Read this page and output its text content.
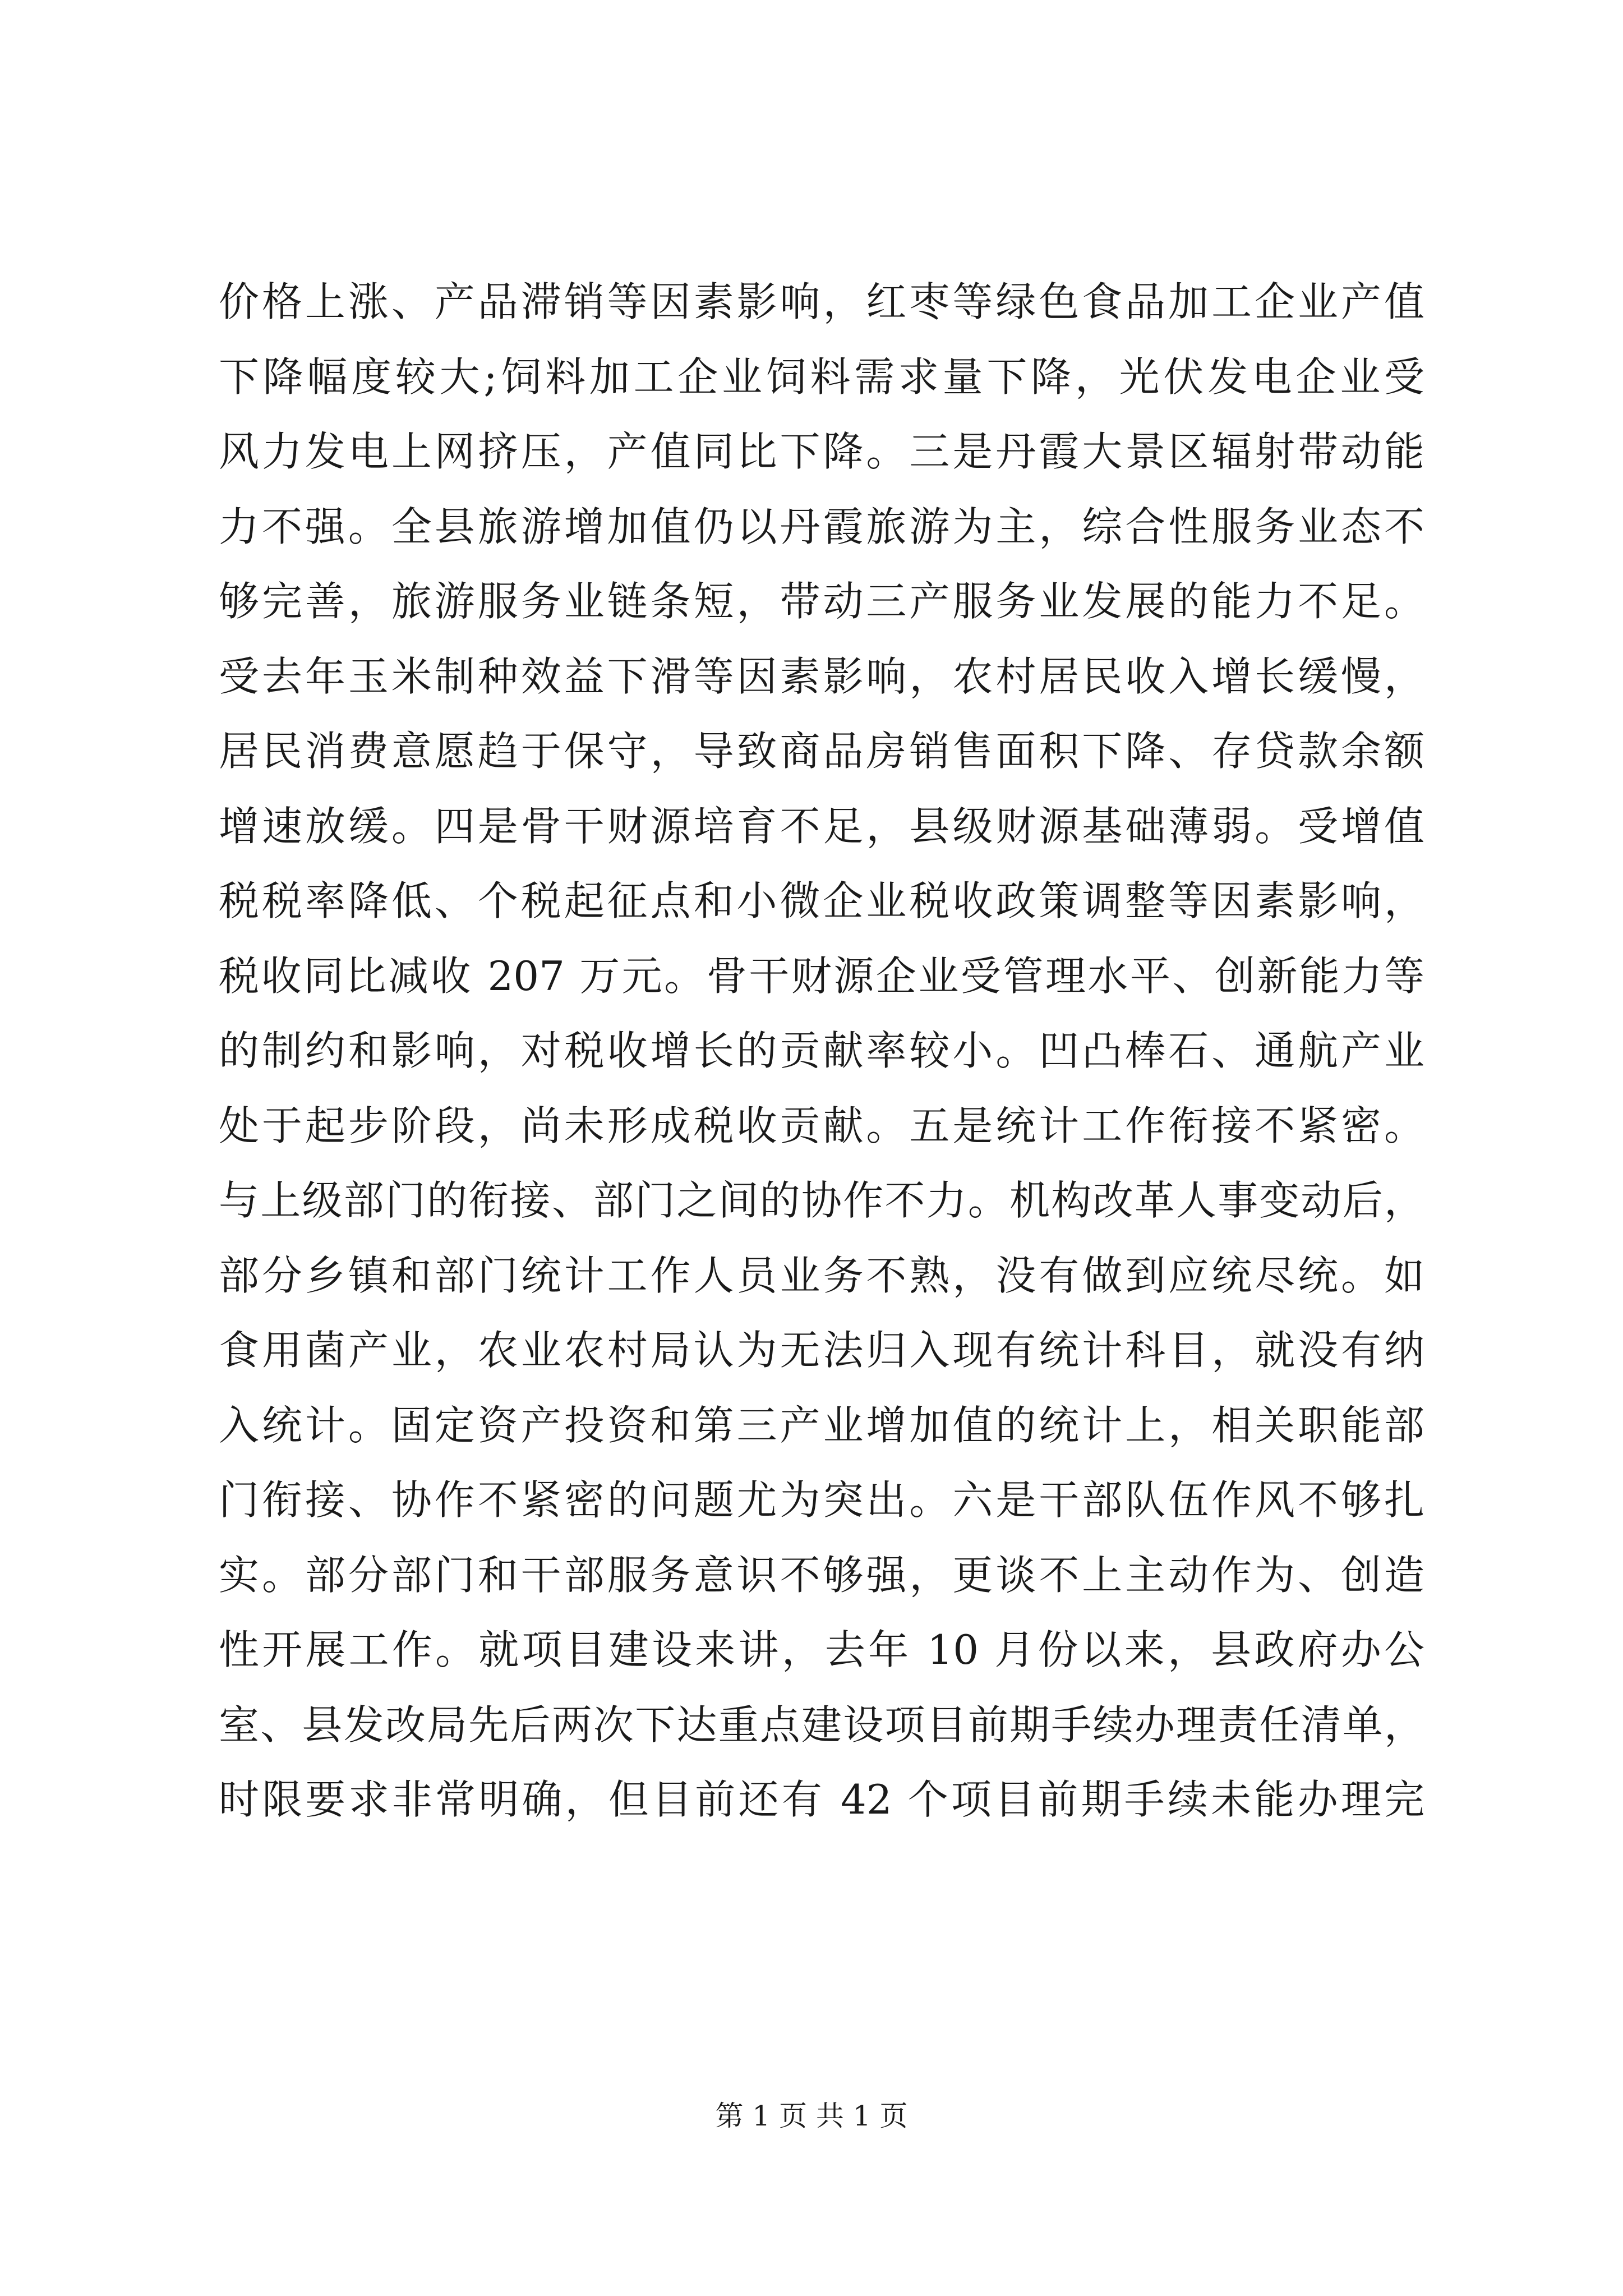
价格上涨、产品滞销等因素影响，红枣等绿色食品加工企业产值
下降幅度较大;饲料加工企业饲料需求量下降，光伏发电企业受
风力发电上网挤压，产值同比下降。三是丹霞大景区辐射带动能
力不强。全县旅游增加值仍以丹霞旅游为主，综合性服务业态不
够完善，旅游服务业链条短，带动三产服务业发展的能力不足。
受去年玉米制种效益下滑等因素影响，农村居民收入增长缓慢，
居民消费意愿趋于保守，导致商品房销售面积下降、存贷款余额
增速放缓。四是骨干财源培育不足，县级财源基础薄弱。受增值
税税率降低、个税起征点和小微企业税收政策调整等因素影响，
税收同比减收 207 万元。骨干财源企业受管理水平、创新能力等
的制约和影响，对税收增长的贡献率较小。凹凸棒石、通航产业
处于起步阶段，尚未形成税收贡献。五是统计工作衔接不紧密。
与上级部门的衔接、部门之间的协作不力。机构改革人事变动后，
部分乡镇和部门统计工作人员业务不熟，没有做到应统尽统。如
食用菌产业，农业农村局认为无法归入现有统计科目，就没有纳
入统计。固定资产投资和第三产业增加值的统计上，相关职能部
门衔接、协作不紧密的问题尤为突出。六是干部队伍作风不够扎
实。部分部门和干部服务意识不够强，更谈不上主动作为、创造
性开展工作。就项目建设来讲，去年 10 月份以来，县政府办公
室、县发改局先后两次下达重点建设项目前期手续办理责任清单，
时限要求非常明确，但目前还有 42 个项目前期手续未能办理完
第 1 页 共 1 页
